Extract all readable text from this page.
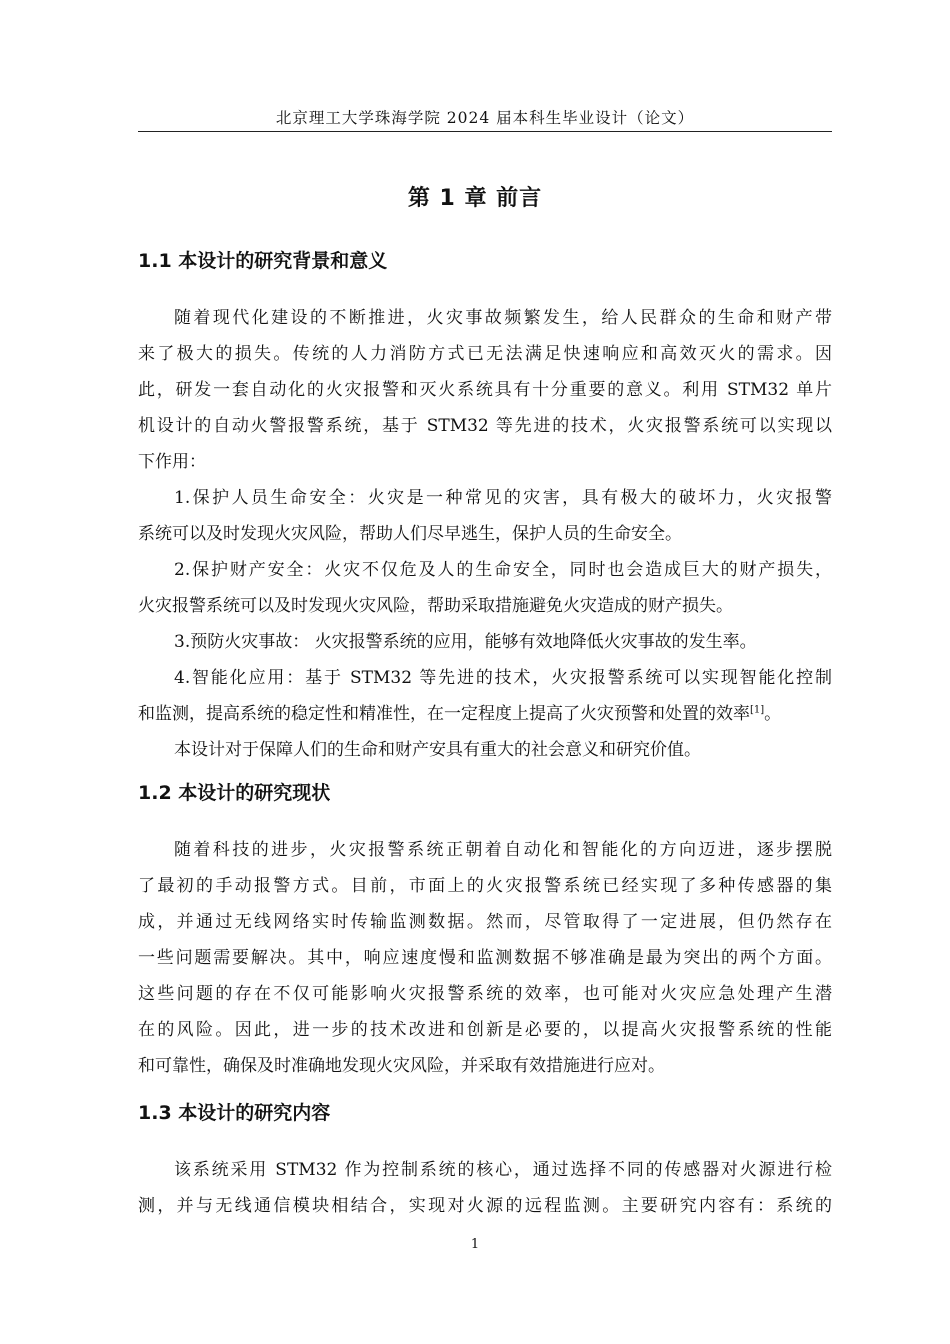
北京理工大学珠海学院 2024 届本科生毕业设计（论文）
第 1 章 前言
1.1 本设计的研究背景和意义
随着现代化建设的不断推进，火灾事故频繁发生，给人民群众的生命和财产带
来了极大的损失。传统的人力消防方式已无法满足快速响应和高效灭火的需求。因
此，研发一套自动化的火灾报警和灭火系统具有十分重要的意义。利用 STM32 单片
机设计的自动火警报警系统，基于 STM32 等先进的技术，火灾报警系统可以实现以
下作用：
1.保护人员生命安全：火灾是一种常见的灾害，具有极大的破坏力，火灾报警
系统可以及时发现火灾风险，帮助人们尽早逃生，保护人员的生命安全。
2.保护财产安全：火灾不仅危及人的生命安全，同时也会造成巨大的财产损失，
火灾报警系统可以及时发现火灾风险，帮助采取措施避免火灾造成的财产损失。
3.预防火灾事故： 火灾报警系统的应用，能够有效地降低火灾事故的发生率。
4.智能化应用：基于 STM32 等先进的技术，火灾报警系统可以实现智能化控制
和监测，提高系统的稳定性和精准性，在一定程度上提高了火灾预警和处置的效率[1]。
本设计对于保障人们的生命和财产安具有重大的社会意义和研究价值。
1.2 本设计的研究现状
随着科技的进步，火灾报警系统正朝着自动化和智能化的方向迈进，逐步摆脱
了最初的手动报警方式。目前，市面上的火灾报警系统已经实现了多种传感器的集
成，并通过无线网络实时传输监测数据。然而，尽管取得了一定进展，但仍然存在
一些问题需要解决。其中，响应速度慢和监测数据不够准确是最为突出的两个方面。
这些问题的存在不仅可能影响火灾报警系统的效率，也可能对火灾应急处理产生潜
在的风险。因此，进一步的技术改进和创新是必要的，以提高火灾报警系统的性能
和可靠性，确保及时准确地发现火灾风险，并采取有效措施进行应对。
1.3 本设计的研究内容
该系统采用 STM32 作为控制系统的核心，通过选择不同的传感器对火源进行检
测，并与无线通信模块相结合，实现对火源的远程监测。主要研究内容有：系统的
1
